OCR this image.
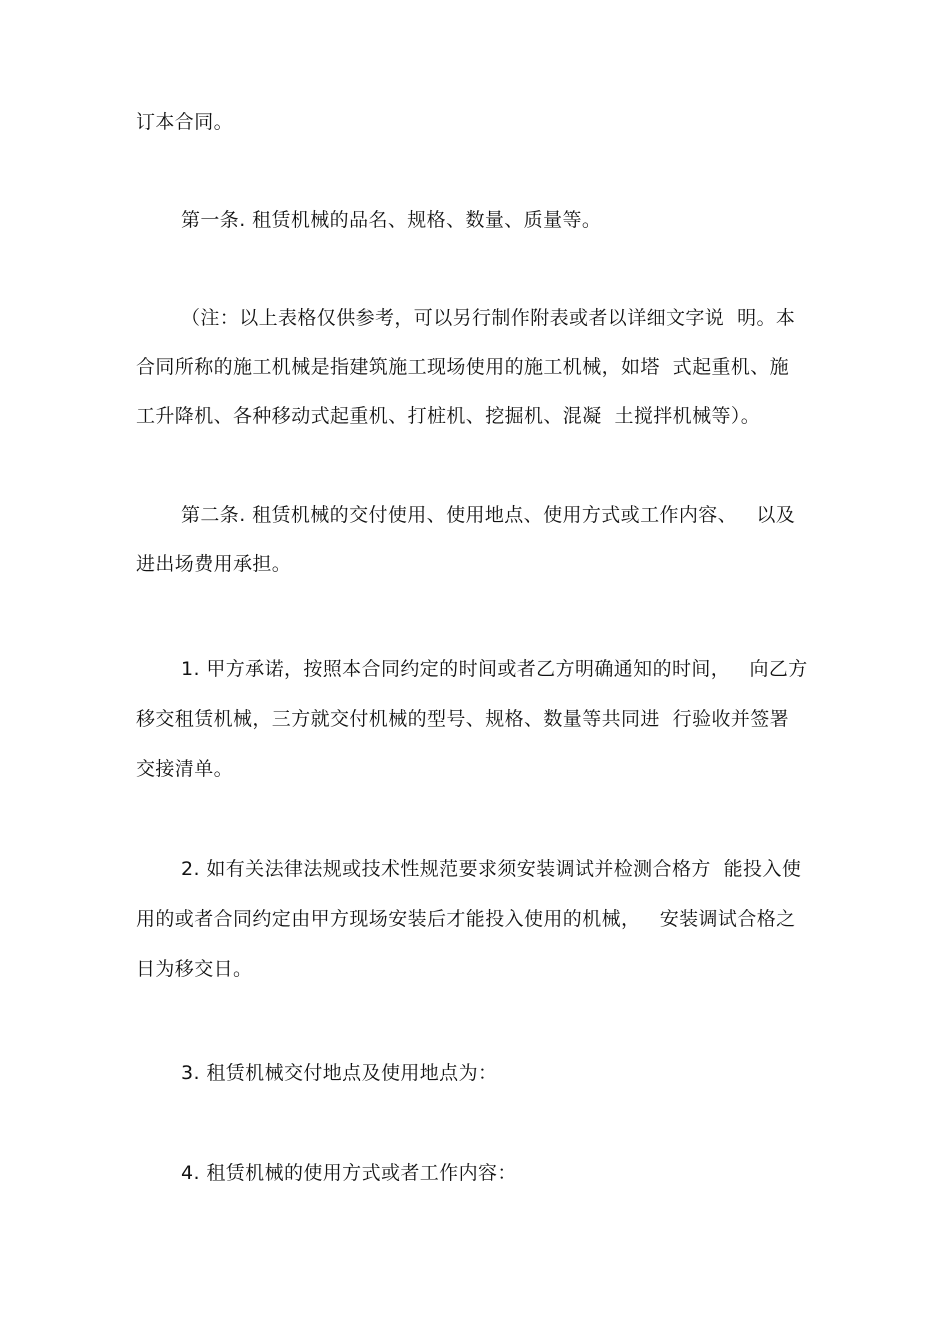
订本合同。
第一条. 租赁机械的品名、规格、数量、质量等。
（注：以上表格仅供参考，可以另行制作附表或者以详细文字说  明。本
合同所称的施工机械是指建筑施工现场使用的施工机械，如塔  式起重机、施
工升降机、各种移动式起重机、打桩机、挖掘机、混凝  土搅拌机械等）。
第二条. 租赁机械的交付使用、使用地点、使用方式或工作内容、   以及
进出场费用承担。
1. 甲方承诺，按照本合同约定的时间或者乙方明确通知的时间，   向乙方
移交租赁机械，三方就交付机械的型号、规格、数量等共同进  行验收并签署
交接清单。
2. 如有关法律法规或技术性规范要求须安装调试并检测合格方  能投入使
用的或者合同约定由甲方现场安装后才能投入使用的机械，   安装调试合格之
日为移交日。
3. 租赁机械交付地点及使用地点为：
4. 租赁机械的使用方式或者工作内容：
